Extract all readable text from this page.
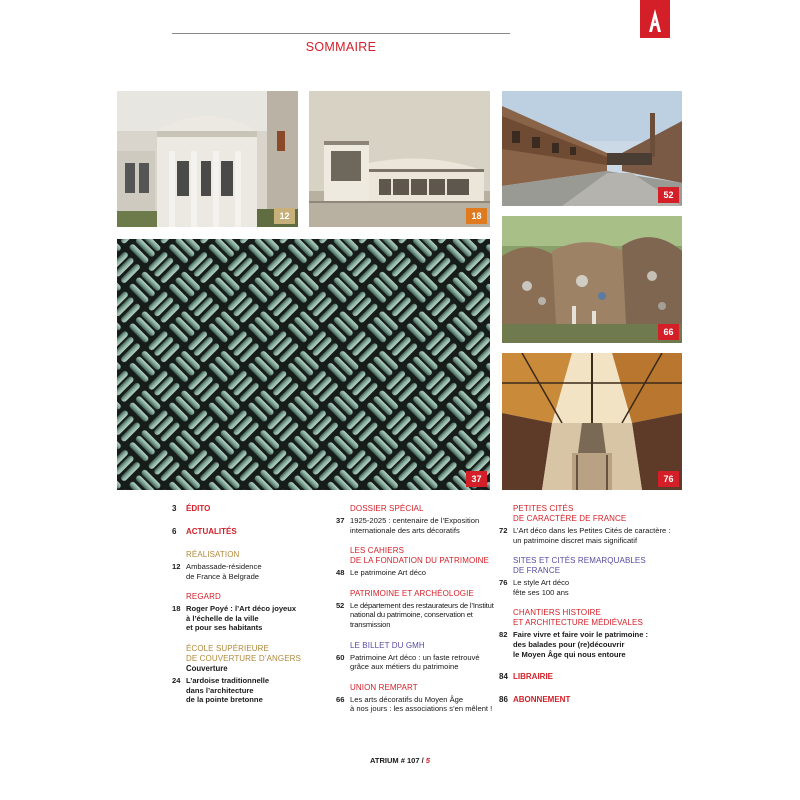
SOMMAIRE
12	18
52
66
37	76
3	ÉDITO
6	ACTUALITÉS
RÉALISATION
12 Ambassade-résidence
de France à Belgrade
REGARD
18 Roger Poyé : l’Art déco joyeux
à l’échelle de la ville
et pour ses habitants
ÉCOLE SUPÉRIEURE
DE COUVERTURE D’ANGERS
Couverture
24 L’ardoise traditionnelle
dans l’architecture
de la pointe bretonne
DOSSIER SPÉCIAL
37 1925-2025 : centenaire de l’Exposition
internationale des arts décoratifs
LES CAHIERS
DE LA FONDATION DU PATRIMOINE
48 Le patrimoine Art déco
PATRIMOINE ET ARCHÉOLOGIE
52 Le département des restaurateurs de l’Institut
national du patrimoine, conservation et transmission
LE BILLET DU GMH
60 Patrimoine Art déco : un faste retrouvé
grâce aux métiers du patrimoine
UNION REMPART
66 Les arts décoratifs du Moyen Âge
à nos jours : les associations s’en mêlent !
PETITES CITÉS
DE CARACTÈRE DE FRANCE
72 L’Art déco dans les Petites Cités de caractère :
un patrimoine discret mais significatif
SITES ET CITÉS REMARQUABLES
DE FRANCE
76 Le style Art déco
fête ses 100 ans
CHANTIERS HISTOIRE
ET ARCHITECTURE MÉDIÉVALES
82 Faire vivre et faire voir le patrimoine :
des balades pour (re)découvrir
le Moyen Âge qui nous entoure
84 LIBRAIRIE
86 ABONNEMENT
ATRIUM # 107 / 5
